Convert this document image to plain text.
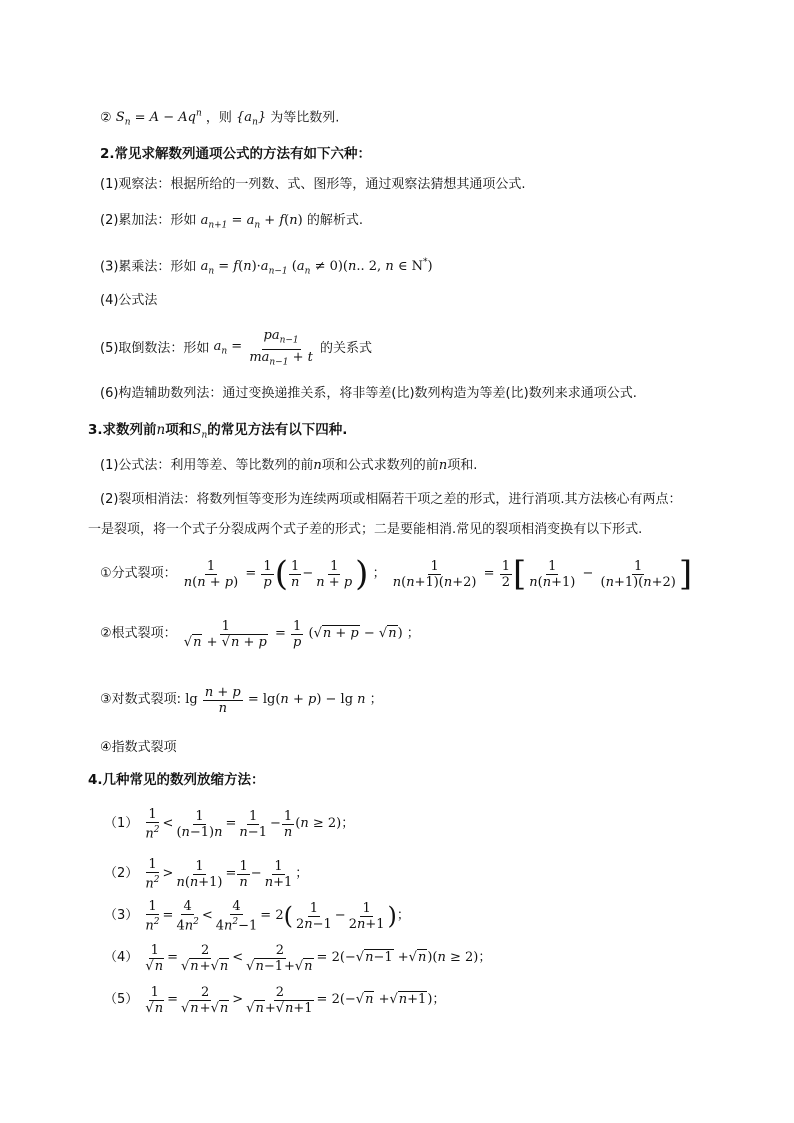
② $S_n = A - Aq^n$ ，则 $\{a_n\}$ 为等比数列.
2.常见求解数列通项公式的方法有如下六种：
(1)观察法：根据所给的一列数、式、图形等，通过观察法猜想其通项公式.
(2)累加法：形如 $a_{n+1} = a_n + f(n)$ 的解析式.
(3)累乘法：形如 $a_n = f(n)\cdot a_{n-1}$ $(a_n \ne 0)(n$.. 2, n ∈ N*)
(4)公式法
(5)取倒数法：形如 $a_n = \frac{pa_{n-1}}{ma_{n-1} + t}$ 的关系式
(6)构造辅助数列法：通过变换递推关系，将非等差(比)数列构造为等差(比)数列来求通项公式.
3.求数列前n项和$S_n$的常见方法有以下四种.
(1)公式法：利用等差、等比数列的前n项和公式求数列的前n项和.
(2)裂项相消法：将数列恒等变形为连续两项或相隔若干项之差的形式，进行消项.其方法核心有两点：
一是裂项，将一个式子分裂成两个式子差的形式；二是要能相消.常见的裂项相消变换有以下形式.
①分式裂项： $\frac{1}{n(n + p)} = \frac{1}{p}$ ( $\frac{1}{n} - \frac{1}{n + p}$ ) ； $\frac{1}{n(n+1)(n+2)} = \frac{1}{2}$ [ $\frac{1}{n(n+1)} - \frac{1}{(n+1)(n+2)}$ ]
②根式裂项： $\frac{1}{√n + √n + p} = \frac{1}{p} (√n + p - √n)$ ；
③对数式裂项: $\lg \frac{n + p}{n} = \lg(n + p) - \lg n$ ；
④指数式裂项
4.几种常见的数列放缩方法：
$(1) \frac{1}{n^2} < \frac{1}{(n-1)n} = \frac{1}{n-1} - \frac{1}{n} (n \ge 2)$；
$(2) \frac{1}{n^2} > \frac{1}{n(n+1)} = \frac{1}{n} - \frac{1}{n+1}$ ；
$(3) \frac{1}{n^2} = \frac{4}{4n^2} < \frac{4}{4n^2-1} = 2( \frac{1}{2n-1} - \frac{1}{2n+1}$ )；
$(4) \frac{1}{√n} = \frac{2}{√n+√n} < \frac{2}{√n-1+√n} = 2(-√n-1 +√n)(n \ge 2)$；
$(5) \frac{1}{√n} = \frac{2}{√n+√n} > \frac{2}{√n+√n+1} = 2(-√n +√n+1)$；
